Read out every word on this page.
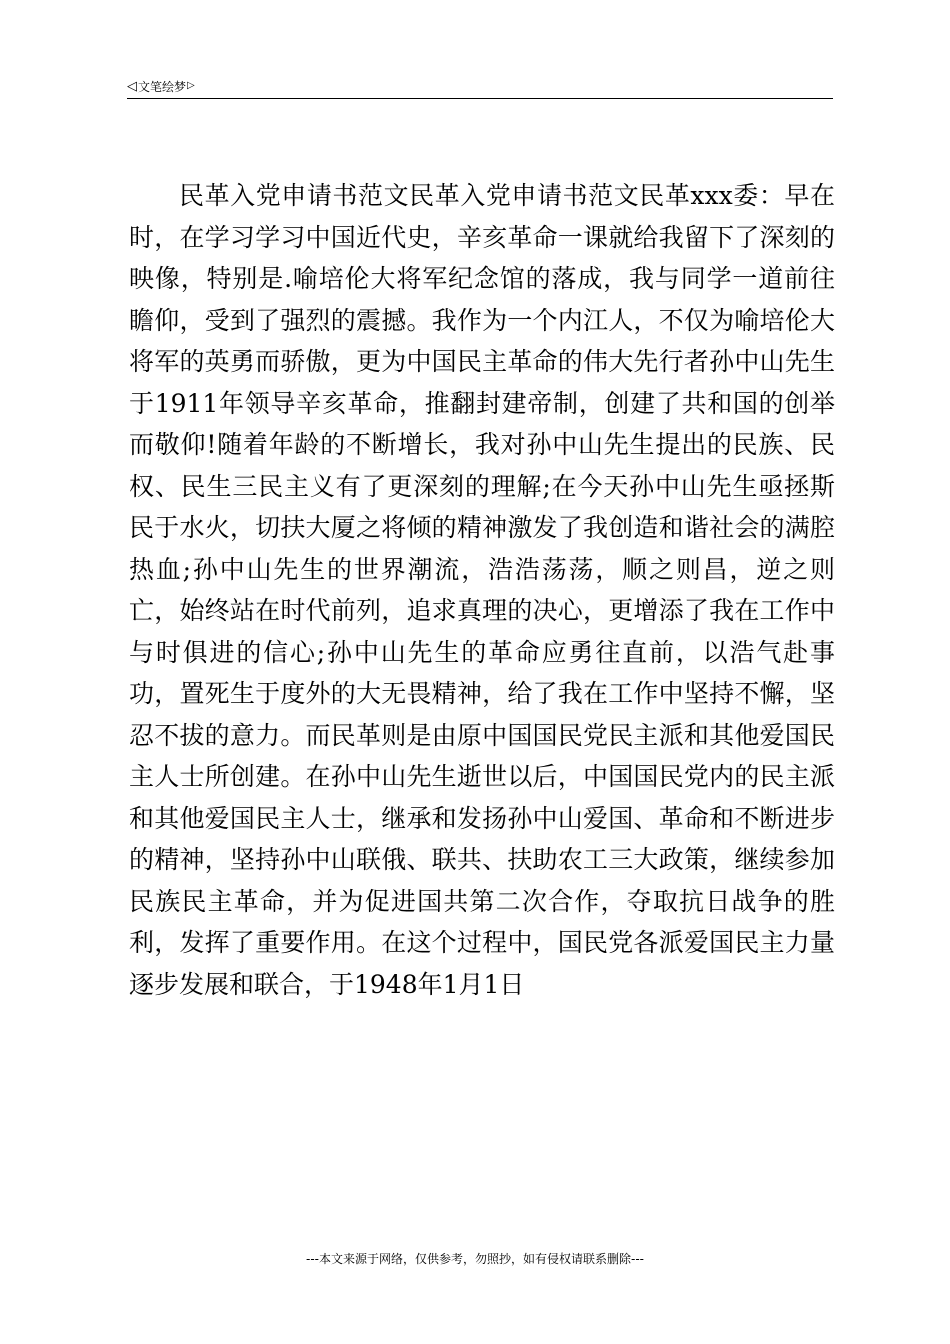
◁ 文笔绘梦 ▷

民革入党申请书范文民革入党申请书范文民革xxx委：早在时，在学习学习中国近代史，辛亥革命一课就给我留下了深刻的映像，特别是.喻培伦大将军纪念馆的落成，我与同学一道前往瞻仰，受到了强烈的震撼。我作为一个内江人，不仅为喻培伦大将军的英勇而骄傲，更为中国民主革命的伟大先行者孙中山先生于1911年领导辛亥革命，推翻封建帝制，创建了共和国的创举而敬仰!随着年龄的不断增长，我对孙中山先生提出的民族、民权、民生三民主义有了更深刻的理解;在今天孙中山先生亟拯斯民于水火，切扶大厦之将倾的精神激发了我创造和谐社会的满腔热血;孙中山先生的世界潮流，浩浩荡荡，顺之则昌，逆之则亡，始终站在时代前列，追求真理的决心，更增添了我在工作中与时俱进的信心;孙中山先生的革命应勇往直前，以浩气赴事功，置死生于度外的大无畏精神，给了我在工作中坚持不懈，坚忍不拔的意力。而民革则是由原中国国民党民主派和其他爱国民主人士所创建。在孙中山先生逝世以后，中国国民党内的民主派和其他爱国民主人士，继承和发扬孙中山爱国、革命和不断进步的精神，坚持孙中山联俄、联共、扶助农工三大政策，继续参加民族民主革命，并为促进国共第二次合作，夺取抗日战争的胜利，发挥了重要作用。在这个过程中，国民党各派爱国民主力量逐步发展和联合，于1948年1月1日

---本文来源于网络，仅供参考，勿照抄，如有侵权请联系删除---
